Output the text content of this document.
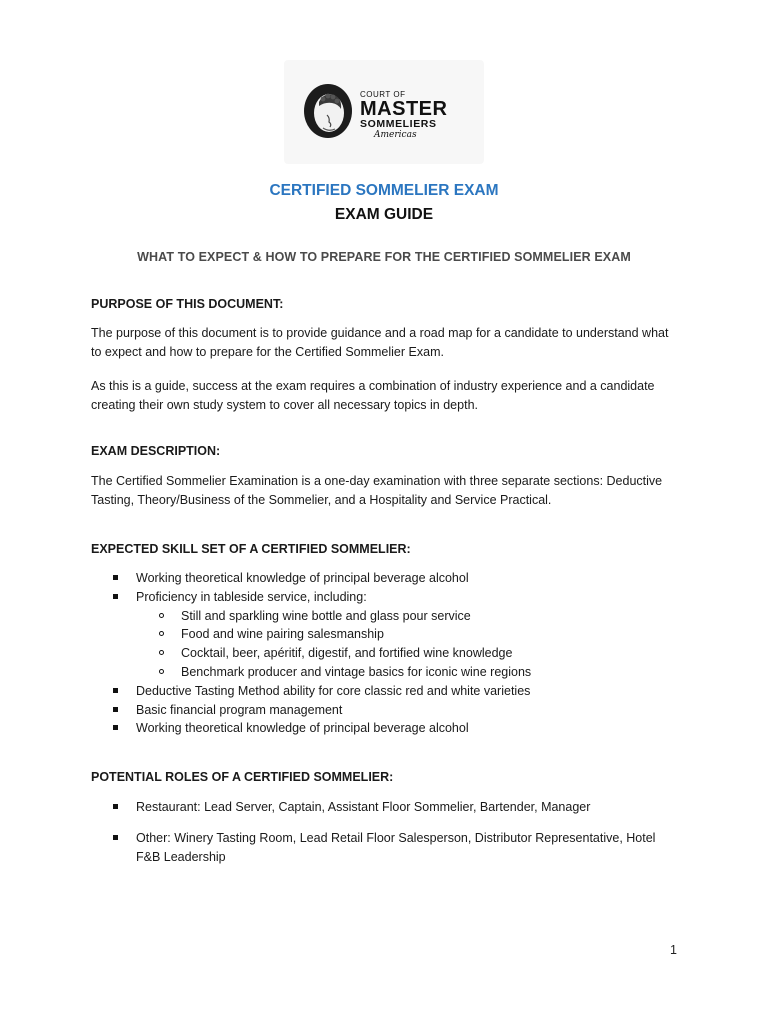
COURT OF
MASTER
SOMMELIERS
Americas
CERTIFIED SOMMELIER EXAM
EXAM GUIDE
WHAT TO EXPECT & HOW TO PREPARE FOR THE CERTIFIED SOMMELIER EXAM
PURPOSE OF THIS DOCUMENT:
The purpose of this document is to provide guidance and a road map for a candidate to understand what to expect and how to prepare for the Certified Sommelier Exam.
As this is a guide, success at the exam requires a combination of industry experience and a candidate creating their own study system to cover all necessary topics in depth.
EXAM DESCRIPTION:
The Certified Sommelier Examination is a one-day examination with three separate sections: Deductive Tasting, Theory/Business of the Sommelier, and a Hospitality and Service Practical.
EXPECTED SKILL SET OF A CERTIFIED SOMMELIER:
Working theoretical knowledge of principal beverage alcohol
Proficiency in tableside service, including:
Still and sparkling wine bottle and glass pour service
Food and wine pairing salesmanship
Cocktail, beer, apéritif, digestif, and fortified wine knowledge
Benchmark producer and vintage basics for iconic wine regions
Deductive Tasting Method ability for core classic red and white varieties
Basic financial program management
Working theoretical knowledge of principal beverage alcohol
POTENTIAL ROLES OF A CERTIFIED SOMMELIER:
Restaurant: Lead Server, Captain, Assistant Floor Sommelier, Bartender, Manager
Other: Winery Tasting Room, Lead Retail Floor Salesperson, Distributor Representative, Hotel F&B Leadership
1
